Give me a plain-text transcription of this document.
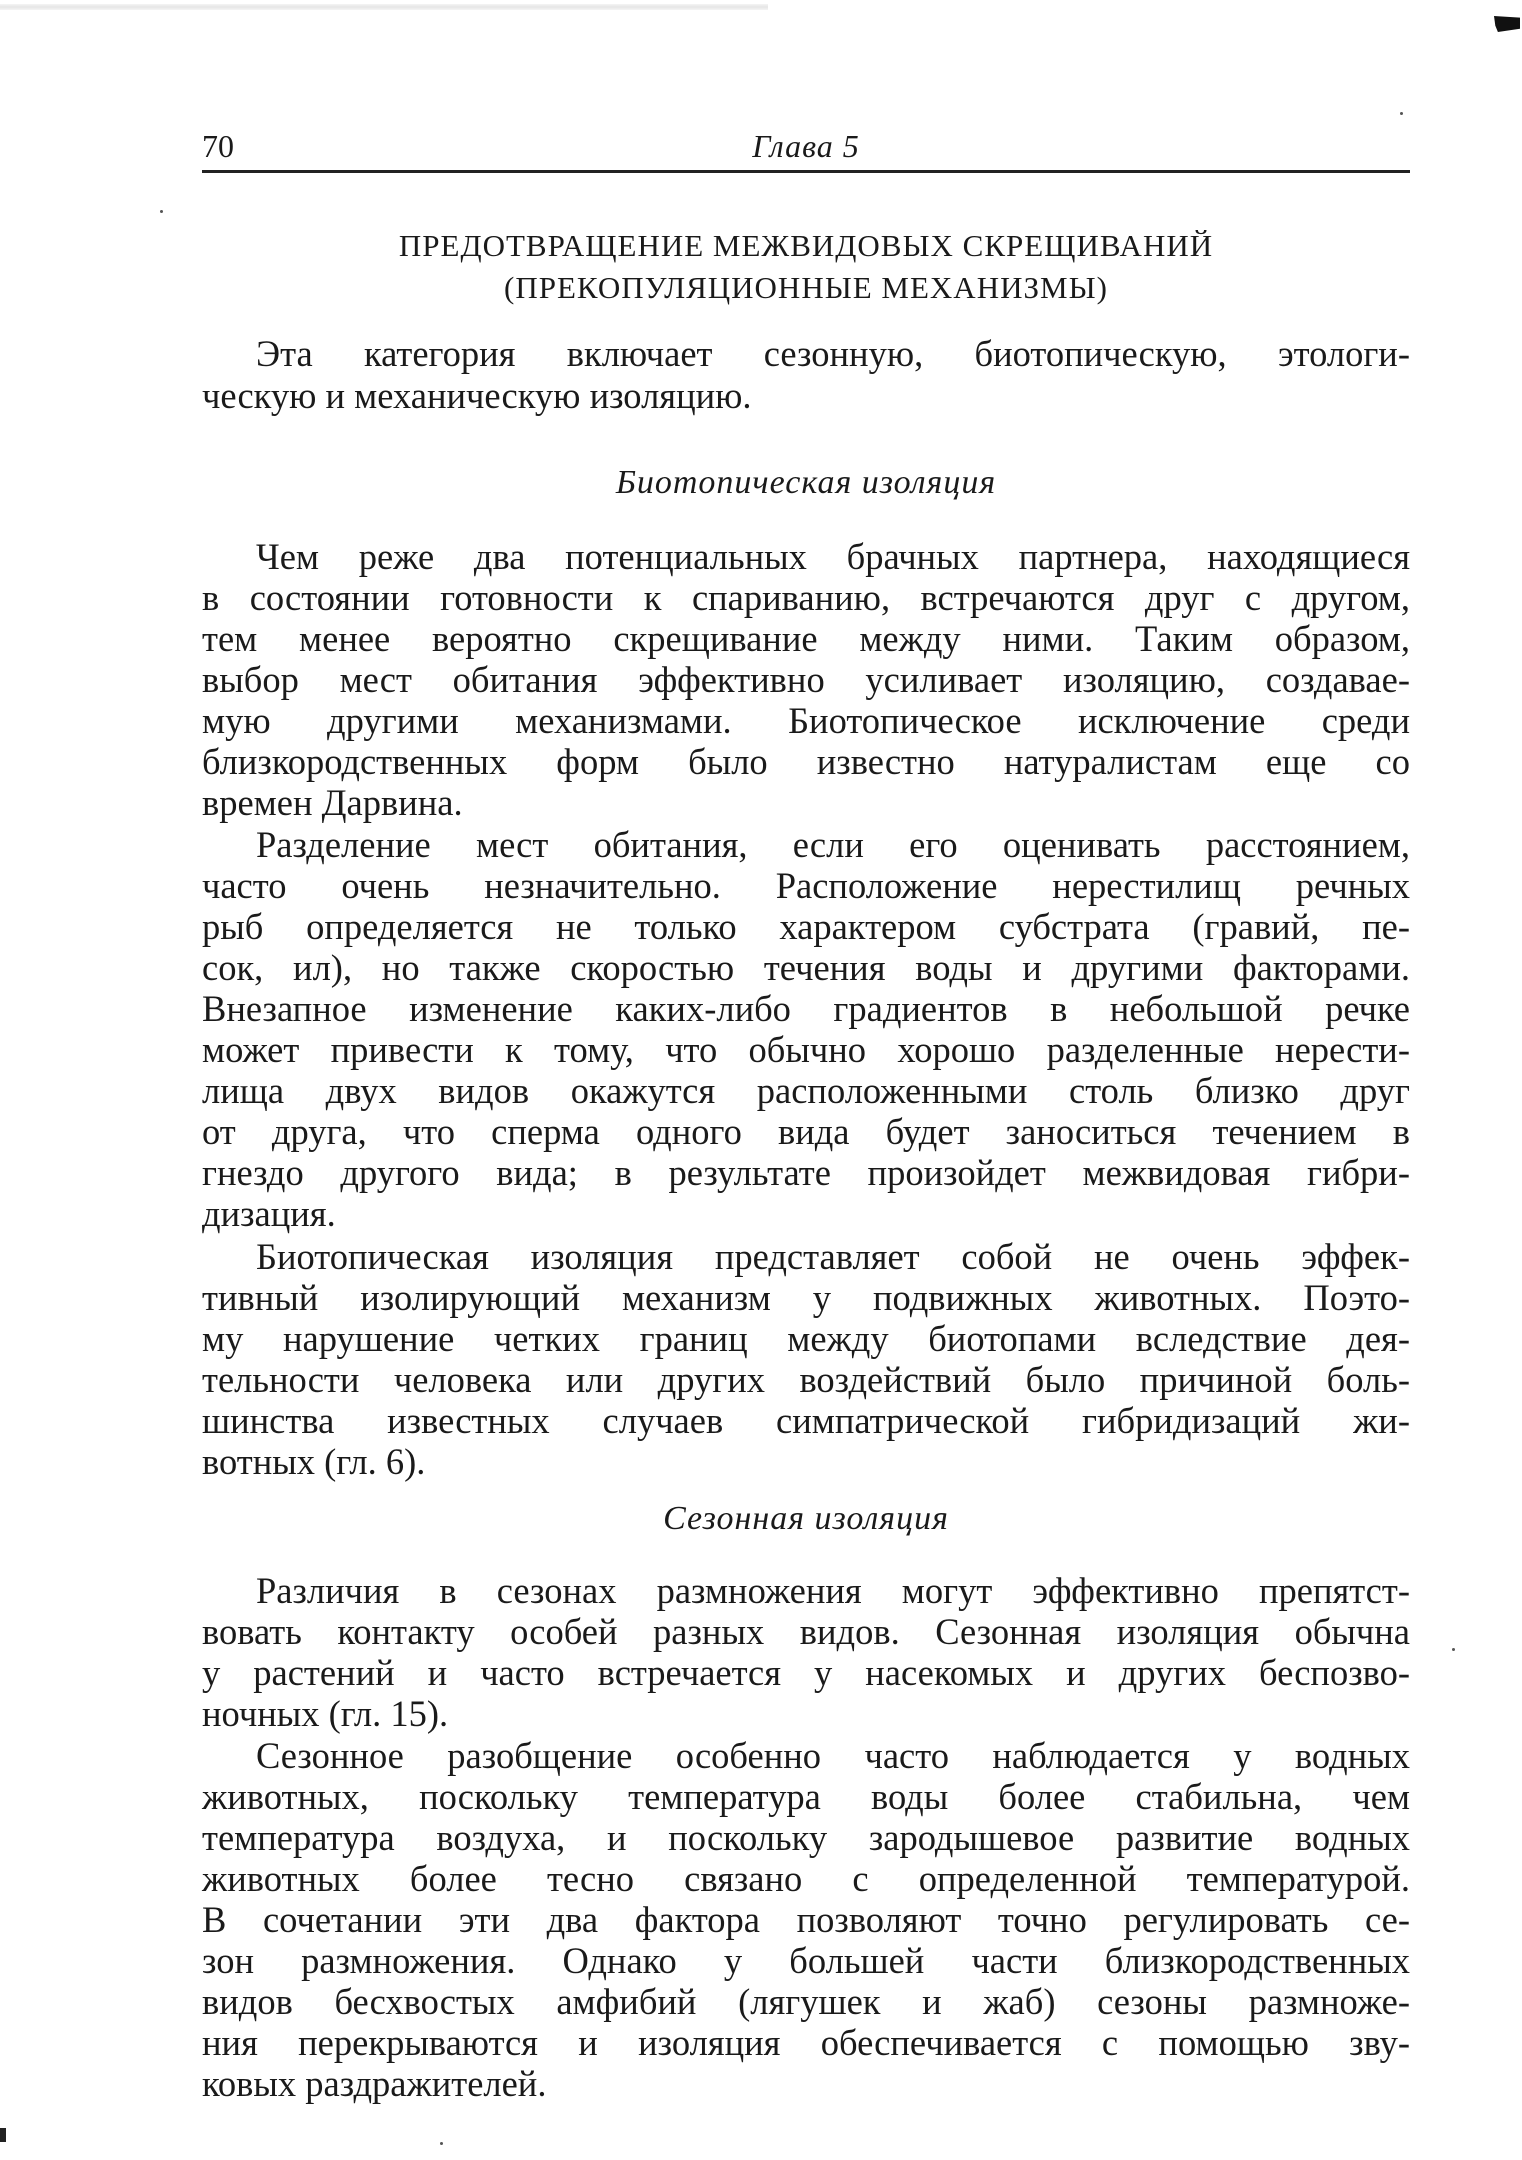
70	Глава 5
ПРЕДОТВРАЩЕНИЕ МЕЖВИДОВЫХ СКРЕЩИВАНИЙ
(ПРЕКОПУЛЯЦИОННЫЕ МЕХАНИЗМЫ)
Эта категория включает сезонную, биотопическую, этологи-
ческую и механическую изоляцию.
Биотопическая изоляция
Чем реже два потенциальных брачных партнера, находящиеся
в состоянии готовности к спариванию, встречаются друг с другом,
тем менее вероятно скрещивание между ними. Таким образом,
выбор мест обитания эффективно усиливает изоляцию, создавае-
мую другими механизмами. Биотопическое исключение среди
близкородственных форм было известно натуралистам еще со
времен Дарвина.
Разделение мест обитания, если его оценивать расстоянием,
часто очень незначительно. Расположение нерестилищ речных
рыб определяется не только характером субстрата (гравий, пе-
сок, ил), но также скоростью течения воды и другими факторами.
Внезапное изменение каких-либо градиентов в небольшой речке
может привести к тому, что обычно хорошо разделенные нерести-
лища двух видов окажутся расположенными столь близко друг
от друга, что сперма одного вида будет заноситься течением в
гнездо другого вида; в результате произойдет межвидовая гибри-
дизация.
Биотопическая изоляция представляет собой не очень эффек-
тивный изолирующий механизм у подвижных животных. Поэто-
му нарушение четких границ между биотопами вследствие дея-
тельности человека или других воздействий было причиной боль-
шинства известных случаев симпатрической гибридизаций жи-
вотных (гл. 6).
Сезонная изоляция
Различия в сезонах размножения могут эффективно препятст-
вовать контакту особей разных видов. Сезонная изоляция обычна
у растений и часто встречается у насекомых и других беспозво-
ночных (гл. 15).
Сезонное разобщение особенно часто наблюдается у водных
животных, поскольку температура воды более стабильна, чем
температура воздуха, и поскольку зародышевое развитие водных
животных более тесно связано с определенной температурой.
В сочетании эти два фактора позволяют точно регулировать се-
зон размножения. Однако у большей части близкородственных
видов бесхвостых амфибий (лягушек и жаб) сезоны размноже-
ния перекрываются и изоляция обеспечивается с помощью зву-
ковых раздражителей.
